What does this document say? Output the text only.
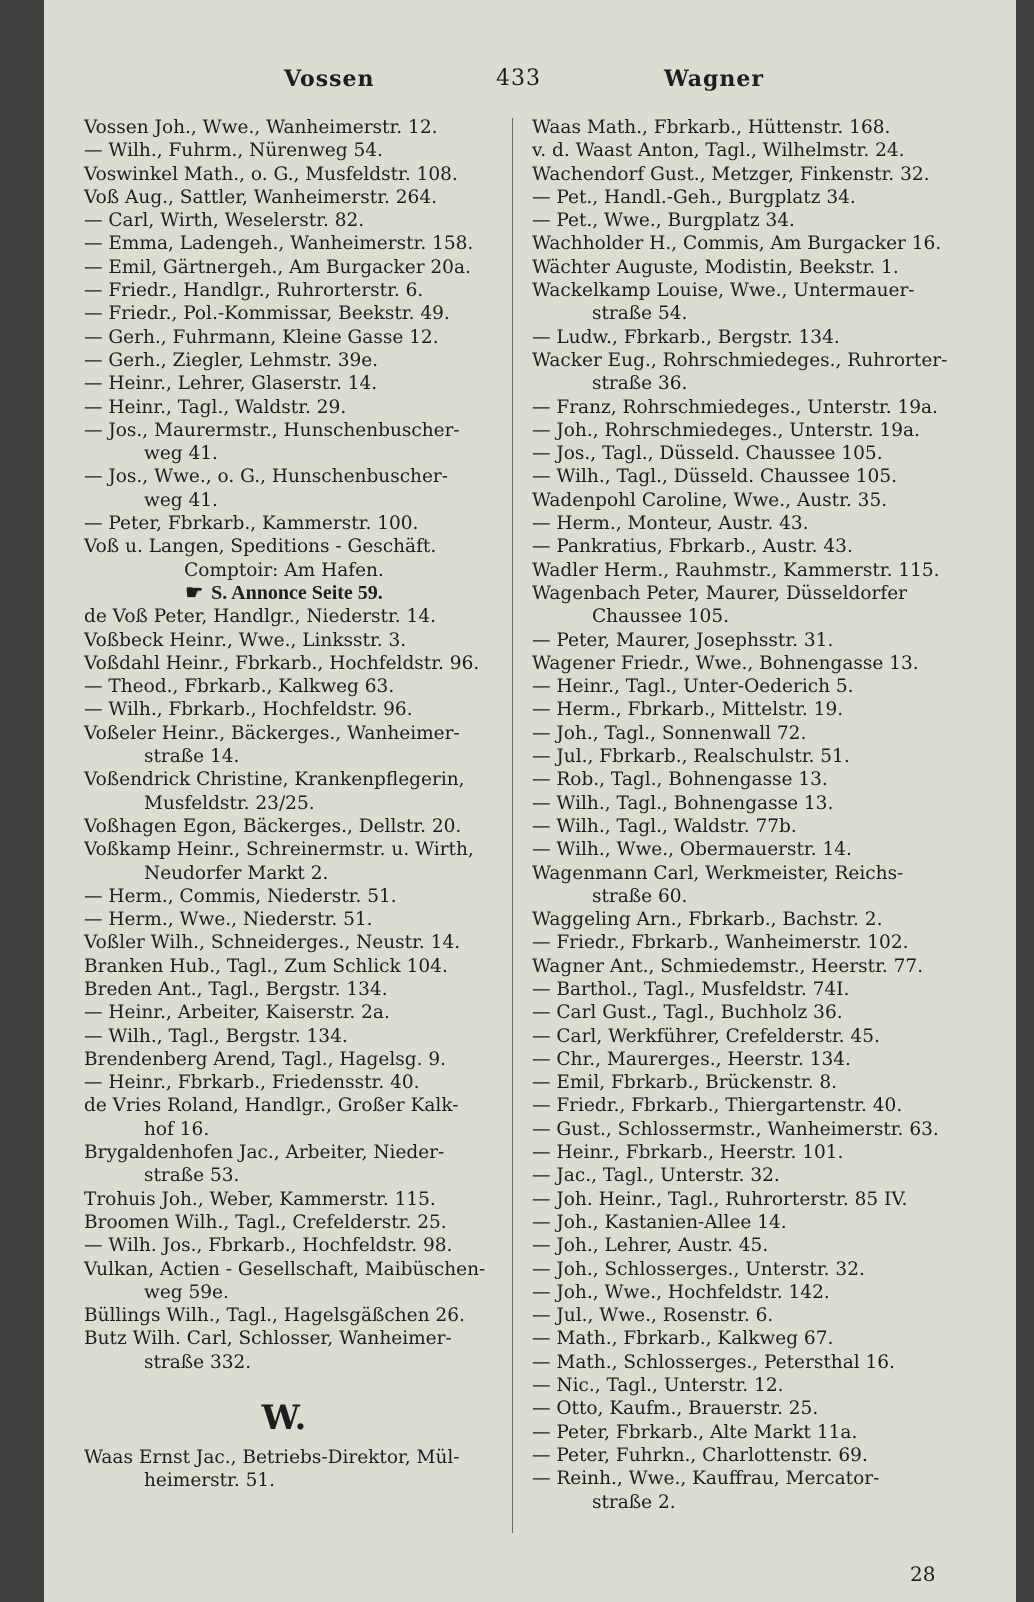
Vossen	433	Wagner
Vossen Joh., Wwe., Wanheimerstr. 12.
— Wilh., Fuhrm., Nürenweg 54.
Voswinkel Math., o. G., Musfeldstr. 108.
Voß Aug., Sattler, Wanheimerstr. 264.
— Carl, Wirth, Weselerstr. 82.
— Emma, Ladengeh., Wanheimerstr. 158.
— Emil, Gärtnergeh., Am Burgacker 20a.
— Friedr., Handlgr., Ruhrorterstr. 6.
— Friedr., Pol.-Kommissar, Beekstr. 49.
— Gerh., Fuhrmann, Kleine Gasse 12.
— Gerh., Ziegler, Lehmstr. 39e.
— Heinr., Lehrer, Glaserstr. 14.
— Heinr., Tagl., Waldstr. 29.
— Jos., Maurermstr., Hunschenbuscher-
weg 41.
— Jos., Wwe., o. G., Hunschenbuscher-
weg 41.
— Peter, Fbrkarb., Kammerstr. 100.
Voß u. Langen, Speditions - Geschäft.
Comptoir: Am Hafen.
☛ S. Annonce Seite 59.
de Voß Peter, Handlgr., Niederstr. 14.
Voßbeck Heinr., Wwe., Linksstr. 3.
Voßdahl Heinr., Fbrkarb., Hochfeldstr. 96.
— Theod., Fbrkarb., Kalkweg 63.
— Wilh., Fbrkarb., Hochfeldstr. 96.
Voßeler Heinr., Bäckerges., Wanheimer-
straße 14.
Voßendrick Christine, Krankenpflegerin,
Musfeldstr. 23/25.
Voßhagen Egon, Bäckerges., Dellstr. 20.
Voßkamp Heinr., Schreinermstr. u. Wirth,
Neudorfer Markt 2.
— Herm., Commis, Niederstr. 51.
— Herm., Wwe., Niederstr. 51.
Voßler Wilh., Schneiderges., Neustr. 14.
Branken Hub., Tagl., Zum Schlick 104.
Breden Ant., Tagl., Bergstr. 134.
— Heinr., Arbeiter, Kaiserstr. 2a.
— Wilh., Tagl., Bergstr. 134.
Brendenberg Arend, Tagl., Hagelsg. 9.
— Heinr., Fbrkarb., Friedensstr. 40.
de Vries Roland, Handlgr., Großer Kalk-
hof 16.
Brygaldenhofen Jac., Arbeiter, Nieder-
straße 53.
Trohuis Joh., Weber, Kammerstr. 115.
Broomen Wilh., Tagl., Crefelderstr. 25.
— Wilh. Jos., Fbrkarb., Hochfeldstr. 98.
Vulkan, Actien - Gesellschaft, Maibüschen-
weg 59e.
Büllings Wilh., Tagl., Hagelsgäßchen 26.
Butz Wilh. Carl, Schlosser, Wanheimer-
straße 332.
W.
Waas Ernst Jac., Betriebs-Direktor, Mül-
heimerstr. 51.
Waas Math., Fbrkarb., Hüttenstr. 168.
v. d. Waast Anton, Tagl., Wilhelmstr. 24.
Wachendorf Gust., Metzger, Finkenstr. 32.
— Pet., Handl.-Geh., Burgplatz 34.
— Pet., Wwe., Burgplatz 34.
Wachholder H., Commis, Am Burgacker 16.
Wächter Auguste, Modistin, Beekstr. 1.
Wackelkamp Louise, Wwe., Untermauer-
straße 54.
— Ludw., Fbrkarb., Bergstr. 134.
Wacker Eug., Rohrschmiedeges., Ruhrorter-
straße 36.
— Franz, Rohrschmiedeges., Unterstr. 19a.
— Joh., Rohrschmiedeges., Unterstr. 19a.
— Jos., Tagl., Düsseld. Chaussee 105.
— Wilh., Tagl., Düsseld. Chaussee 105.
Wadenpohl Caroline, Wwe., Austr. 35.
— Herm., Monteur, Austr. 43.
— Pankratius, Fbrkarb., Austr. 43.
Wadler Herm., Rauhmstr., Kammerstr. 115.
Wagenbach Peter, Maurer, Düsseldorfer
Chaussee 105.
— Peter, Maurer, Josephsstr. 31.
Wagener Friedr., Wwe., Bohnengasse 13.
— Heinr., Tagl., Unter-Oederich 5.
— Herm., Fbrkarb., Mittelstr. 19.
— Joh., Tagl., Sonnenwall 72.
— Jul., Fbrkarb., Realschulstr. 51.
— Rob., Tagl., Bohnengasse 13.
— Wilh., Tagl., Bohnengasse 13.
— Wilh., Tagl., Waldstr. 77b.
— Wilh., Wwe., Obermauerstr. 14.
Wagenmann Carl, Werkmeister, Reichs-
straße 60.
Waggeling Arn., Fbrkarb., Bachstr. 2.
— Friedr., Fbrkarb., Wanheimerstr. 102.
Wagner Ant., Schmiedemstr., Heerstr. 77.
— Barthol., Tagl., Musfeldstr. 74I.
— Carl Gust., Tagl., Buchholz 36.
— Carl, Werkführer, Crefelderstr. 45.
— Chr., Maurerges., Heerstr. 134.
— Emil, Fbrkarb., Brückenstr. 8.
— Friedr., Fbrkarb., Thiergartenstr. 40.
— Gust., Schlossermstr., Wanheimerstr. 63.
— Heinr., Fbrkarb., Heerstr. 101.
— Jac., Tagl., Unterstr. 32.
— Joh. Heinr., Tagl., Ruhrorterstr. 85 IV.
— Joh., Kastanien-Allee 14.
— Joh., Lehrer, Austr. 45.
— Joh., Schlosserges., Unterstr. 32.
— Joh., Wwe., Hochfeldstr. 142.
— Jul., Wwe., Rosenstr. 6.
— Math., Fbrkarb., Kalkweg 67.
— Math., Schlosserges., Petersthal 16.
— Nic., Tagl., Unterstr. 12.
— Otto, Kaufm., Brauerstr. 25.
— Peter, Fbrkarb., Alte Markt 11a.
— Peter, Fuhrkn., Charlottenstr. 69.
— Reinh., Wwe., Kauffrau, Mercator-
straße 2.
28
